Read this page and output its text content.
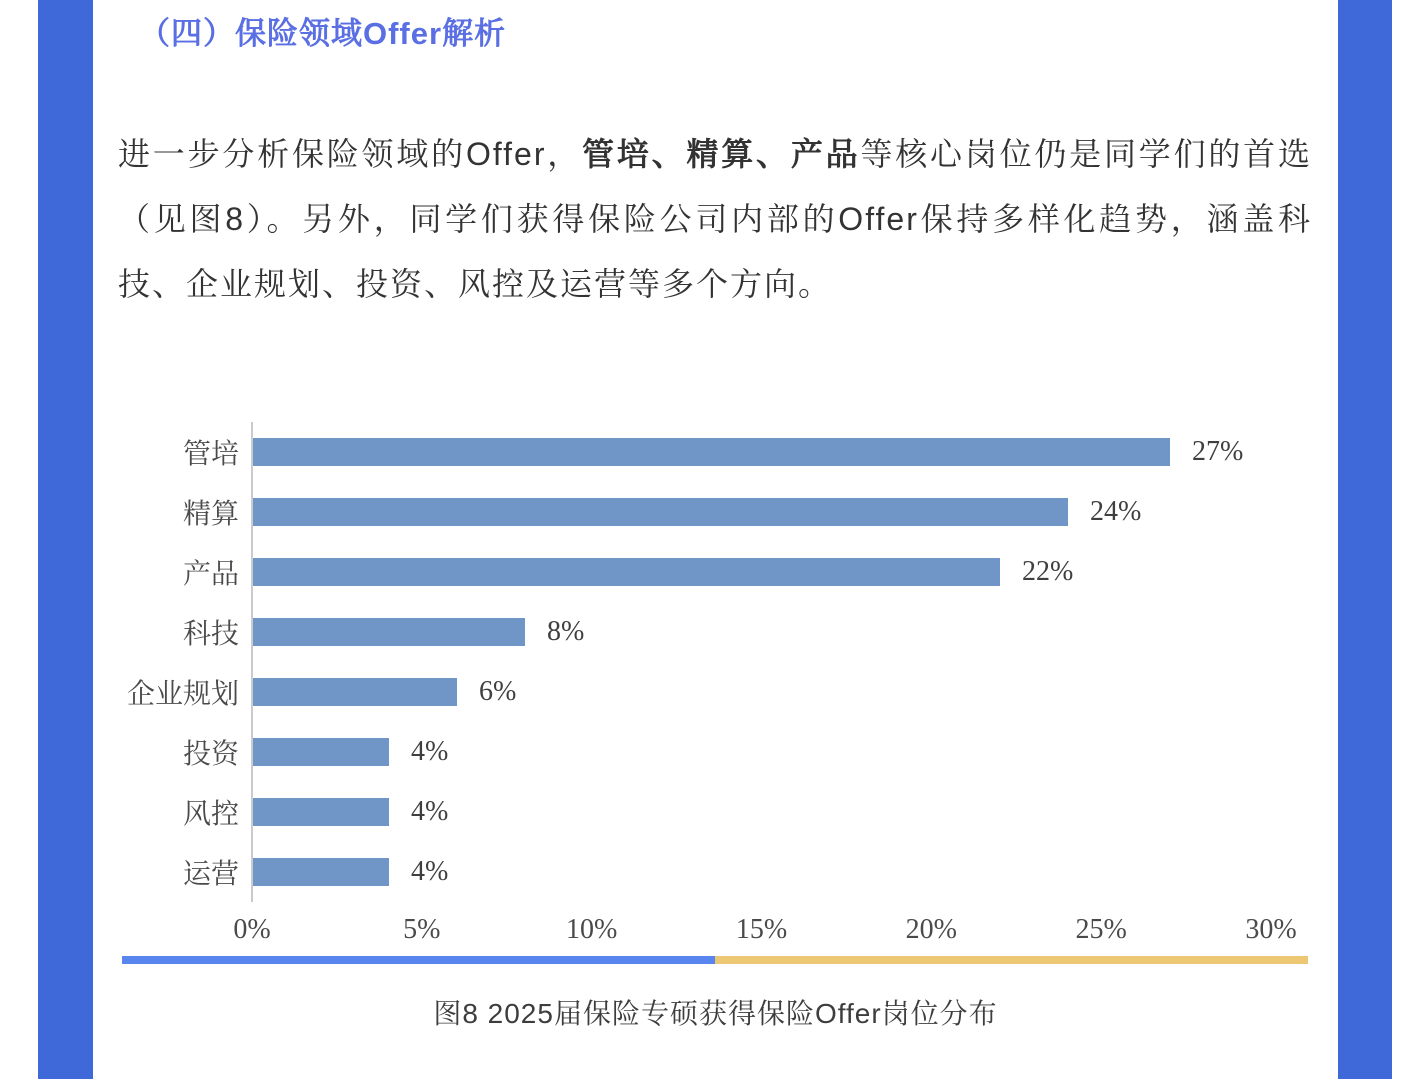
（四）保险领域Offer解析
进一步分析保险领域的Offer，管培、精算、产品等核心岗位仍是同学们的首选（见图8）。另外，同学们获得保险公司内部的Offer保持多样化趋势，涵盖科技、企业规划、投资、风控及运营等多个方向。
管培	27%
精算	24%
产品	22%
科技	8%
企业规划	6%
投资	4%
风控	4%
运营	4%
0%	5%	10%	15%	20%	25%	30%
图8 2025届保险专硕获得保险Offer岗位分布
